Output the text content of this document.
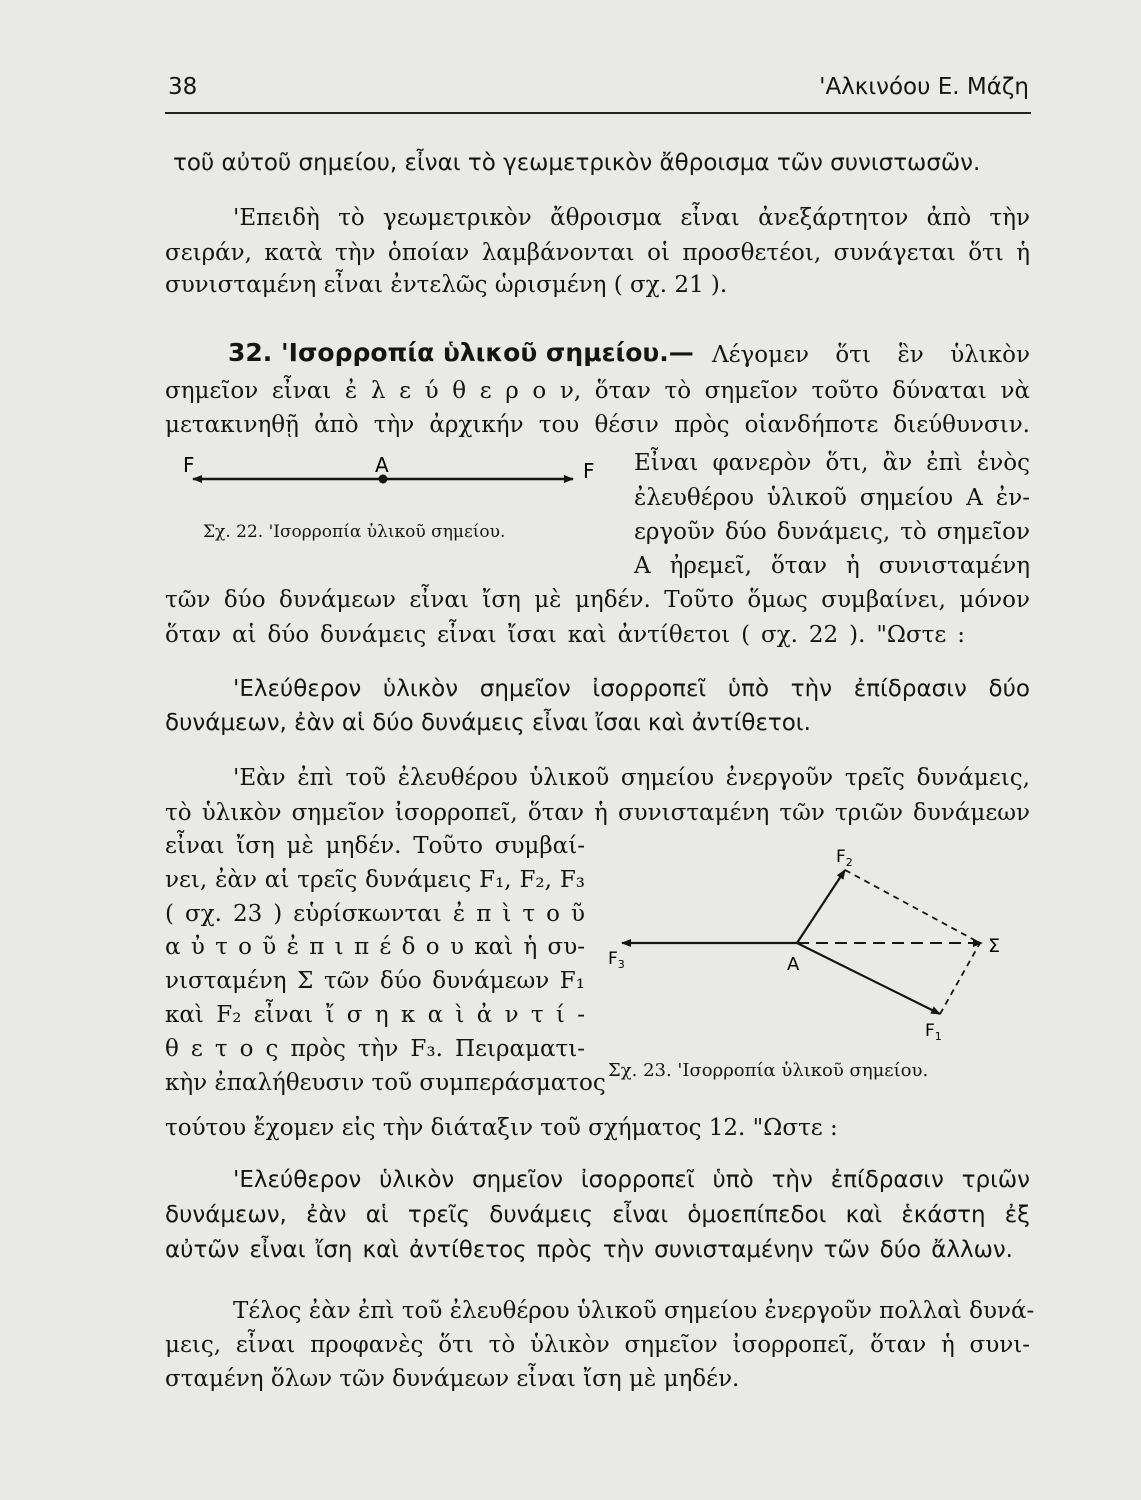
38	'Αλκινόου Ε. Μάζη
τοῦ αὐτοῦ σημείου, εἶναι τὸ γεωμετρικὸν ἄθροισμα τῶν συνιστωσῶν.
'Επειδὴ τὸ γεωμετρικὸν ἄθροισμα εἶναι ἀνεξάρτητον ἀπὸ τὴν
σειράν, κατὰ τὴν ὁποίαν λαμβάνονται οἱ προσθετέοι, συνάγεται ὅτι ἡ
συνισταμένη εἶναι ἐντελῶς ὡρισμένη ( σχ. 21 ).
32. 'Ισορροπία ὑλικοῦ σημείου.— Λέγομεν ὅτι ἓν ὑλικὸν
σημεῖον εἶναι ἐ λ ε ύ θ ε ρ ο ν, ὅταν τὸ σημεῖον τοῦτο δύναται νὰ
μετακινηθῇ ἀπὸ τὴν ἀρχικήν του θέσιν πρὸς οἱανδήποτε διεύθυνσιν.
Εἶναι φανερὸν ὅτι, ἂν ἐπὶ ἑνὸς
ἐλευθέρου ὑλικοῦ σημείου Α ἐν-
εργοῦν δύο δυνάμεις, τὸ σημεῖον
Α ἠρεμεῖ, ὅταν ἡ συνισταμένη
F	A	F
Σχ. 22. 'Ισορροπία ὑλικοῦ σημείου.
τῶν δύο δυνάμεων εἶναι ἴση μὲ μηδέν. Τοῦτο ὅμως συμβαίνει, μόνον
ὅταν αἱ δύο δυνάμεις εἶναι ἴσαι καὶ ἀντίθετοι ( σχ. 22 ). "Ωστε :
'Ελεύθερον ὑλικὸν σημεῖον ἰσορροπεῖ ὑπὸ τὴν ἐπίδρασιν δύο
δυνάμεων, ἐὰν αἱ δύο δυνάμεις εἶναι ἴσαι καὶ ἀντίθετοι.
'Εὰν ἐπὶ τοῦ ἐλευθέρου ὑλικοῦ σημείου ἐνεργοῦν τρεῖς δυνάμεις,
τὸ ὑλικὸν σημεῖον ἰσορροπεῖ, ὅταν ἡ συνισταμένη τῶν τριῶν δυνάμεων
εἶναι ἴση μὲ μηδέν. Τοῦτο συμβαί-
νει, ἐὰν αἱ τρεῖς δυνάμεις F₁, F₂, F₃
( σχ. 23 ) εὑρίσκωνται ἐ π ὶ τ ο ῦ
α ὐ τ ο ῦ ἐ π ι π έ δ ο υ καὶ ἡ συ-
νισταμένη Σ τῶν δύο δυνάμεων F₁
καὶ F₂ εἶναι ἴ σ η κ α ὶ ἀ ν τ ί -
θ ε τ ο ς πρὸς τὴν F₃. Πειραματι-
κὴν ἐπαλήθευσιν τοῦ συμπεράσματος
$F_3$
$F_2$
$F_1$
A
Σ
Σχ. 23. 'Ισορροπία ὑλικοῦ σημείου.
τούτου ἔχομεν εἰς τὴν διάταξιν τοῦ σχήματος 12. "Ωστε :
'Ελεύθερον ὑλικὸν σημεῖον ἰσορροπεῖ ὑπὸ τὴν ἐπίδρασιν τριῶν
δυνάμεων, ἐὰν αἱ τρεῖς δυνάμεις εἶναι ὁμοεπίπεδοι καὶ ἑκάστη ἐξ
αὐτῶν εἶναι ἴση καὶ ἀντίθετος πρὸς τὴν συνισταμένην τῶν δύο ἄλλων.
Τέλος ἐὰν ἐπὶ τοῦ ἐλευθέρου ὑλικοῦ σημείου ἐνεργοῦν πολλαὶ δυνά-
μεις, εἶναι προφανὲς ὅτι τὸ ὑλικὸν σημεῖον ἰσορροπεῖ, ὅταν ἡ συνι-
σταμένη ὅλων τῶν δυνάμεων εἶναι ἴση μὲ μηδέν.
